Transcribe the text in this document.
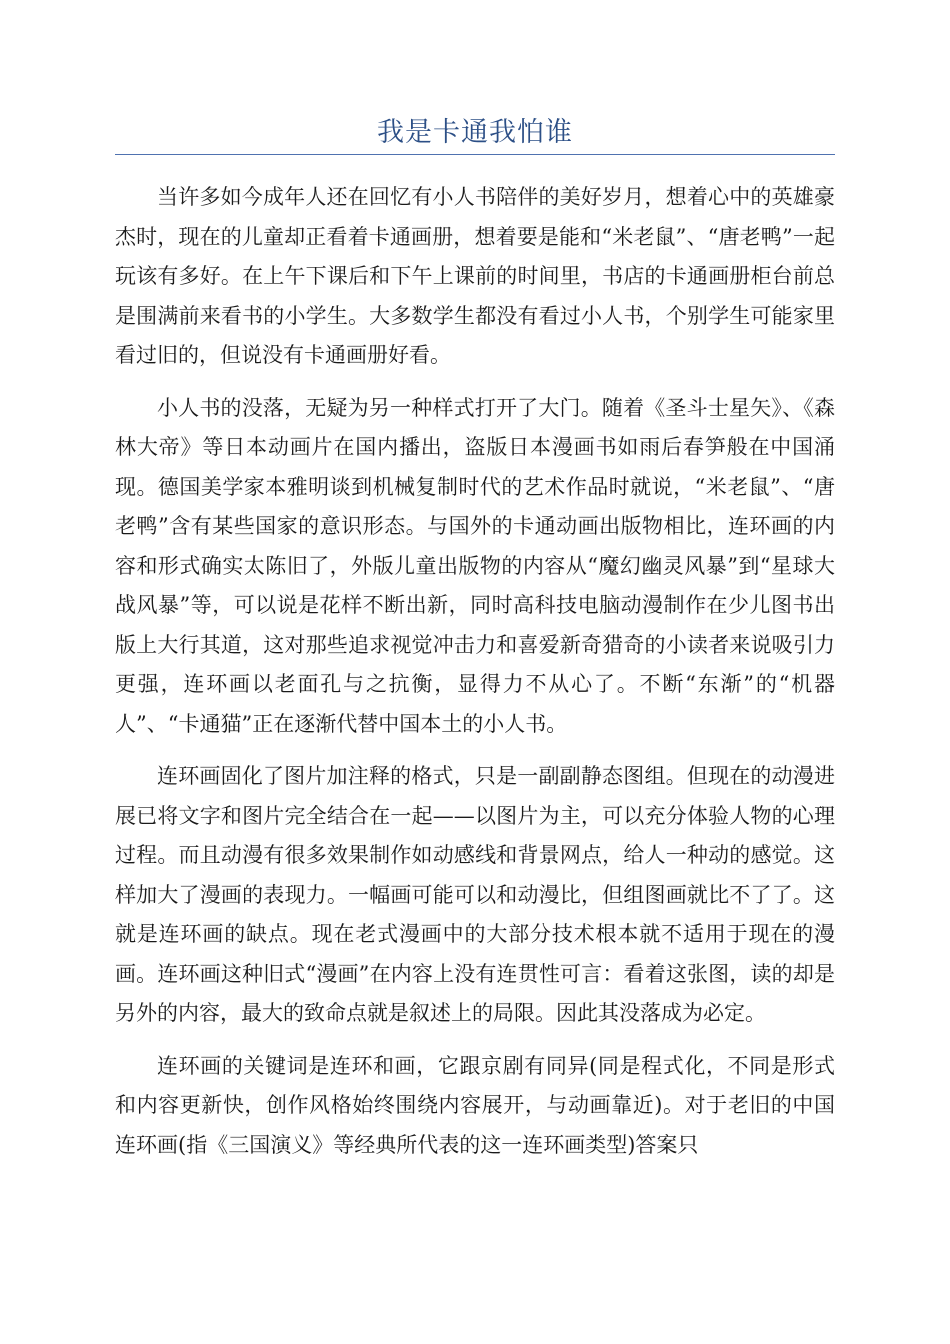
我是卡通我怕谁

当许多如今成年人还在回忆有小人书陪伴的美好岁月，想着心中的英雄豪杰时，现在的儿童却正看着卡通画册，想着要是能和“米老鼠”、“唐老鸭”一起玩该有多好。在上午下课后和下午上课前的时间里，书店的卡通画册柜台前总是围满前来看书的小学生。大多数学生都没有看过小人书，个别学生可能家里看过旧的，但说没有卡通画册好看。

小人书的没落，无疑为另一种样式打开了大门。随着《圣斗士星矢》、《森林大帝》等日本动画片在国内播出，盗版日本漫画书如雨后春笋般在中国涌现。德国美学家本雅明谈到机械复制时代的艺术作品时就说，“米老鼠”、“唐老鸭”含有某些国家的意识形态。与国外的卡通动画出版物相比，连环画的内容和形式确实太陈旧了，外版儿童出版物的内容从“魔幻幽灵风暴”到“星球大战风暴”等，可以说是花样不断出新，同时高科技电脑动漫制作在少儿图书出版上大行其道，这对那些追求视觉冲击力和喜爱新奇猎奇的小读者来说吸引力更强，连环画以老面孔与之抗衡，显得力不从心了。不断“东渐”的“机器人”、“卡通猫”正在逐渐代替中国本土的小人书。

连环画固化了图片加注释的格式，只是一副副静态图组。但现在的动漫进展已将文字和图片完全结合在一起——以图片为主，可以充分体验人物的心理过程。而且动漫有很多效果制作如动感线和背景网点，给人一种动的感觉。这样加大了漫画的表现力。一幅画可能可以和动漫比，但组图画就比不了了。这就是连环画的缺点。现在老式漫画中的大部分技术根本就不适用于现在的漫画。连环画这种旧式“漫画”在内容上没有连贯性可言：看着这张图，读的却是另外的内容，最大的致命点就是叙述上的局限。因此其没落成为必定。

连环画的关键词是连环和画，它跟京剧有同异(同是程式化，不同是形式和内容更新快，创作风格始终围绕内容展开，与动画靠近)。对于老旧的中国连环画(指《三国演义》等经典所代表的这一连环画类型)答案只
